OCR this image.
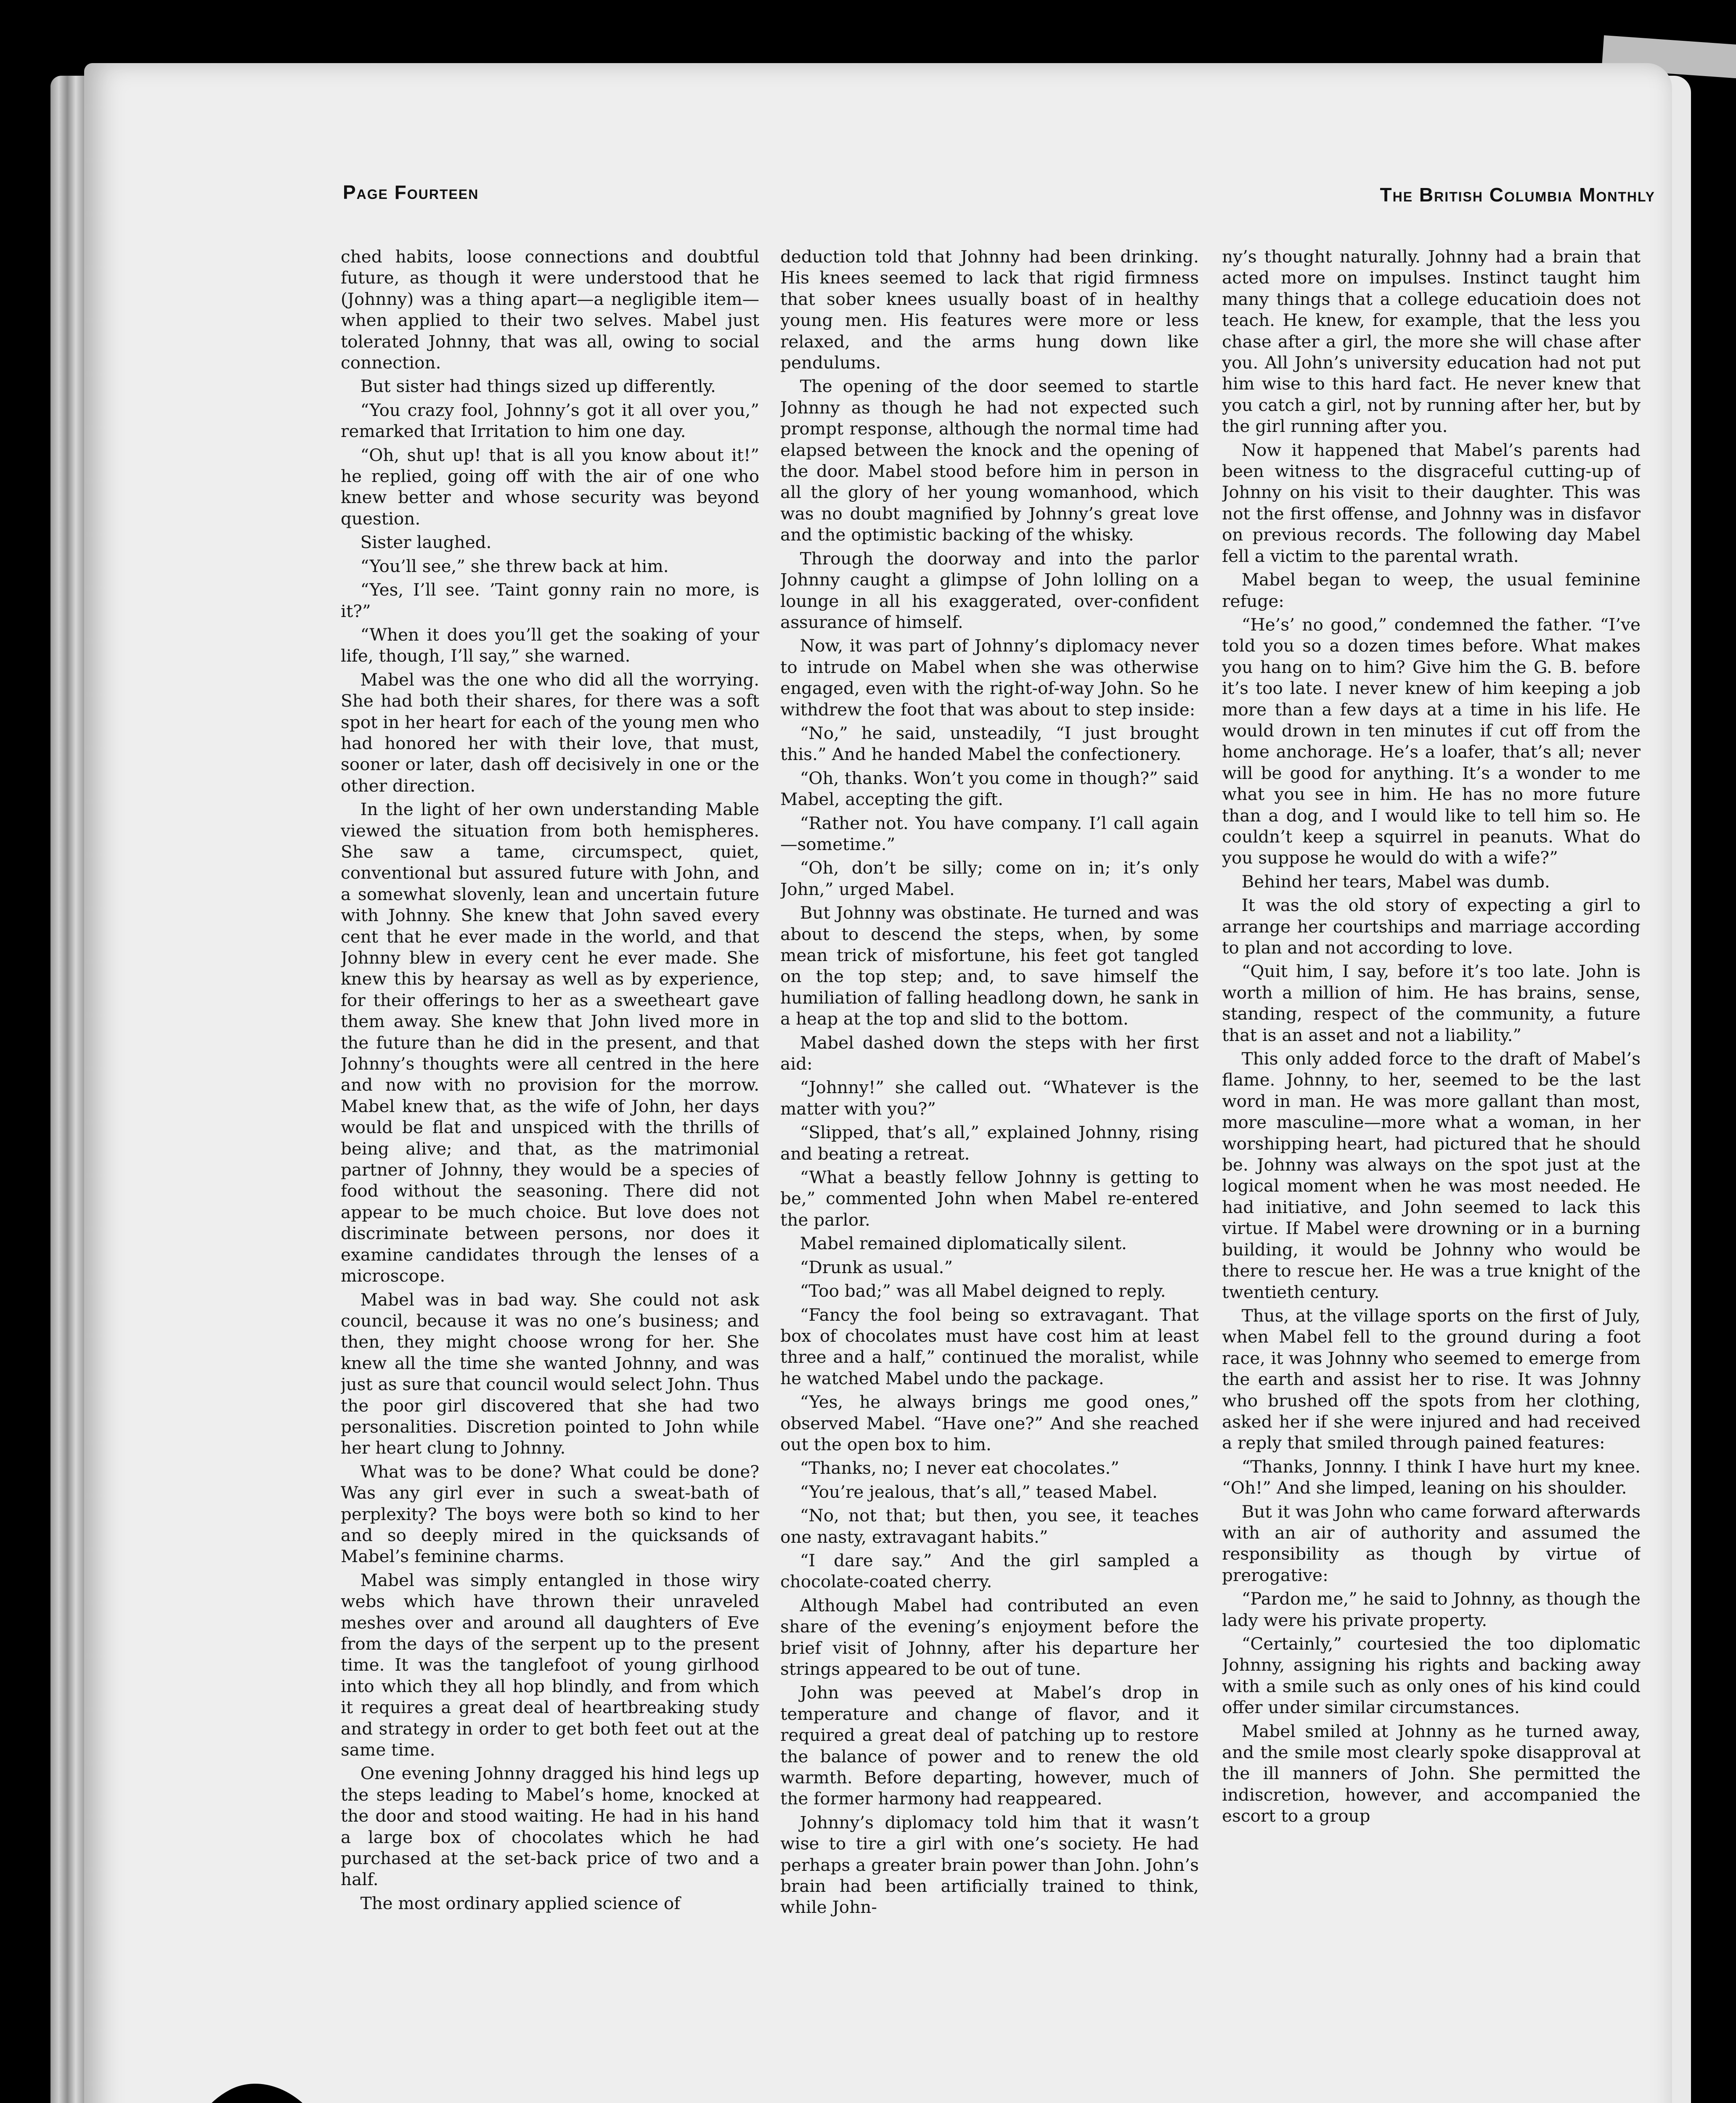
Page Fourteen	The British Columbia Monthly

ched habits, loose connections and doubtful future, as though it were understood that he (Johnny) was a thing apart—a negligible item—when applied to their two selves. Mabel just tolerated Johnny, that was all, owing to social connection.

But sister had things sized up differently.

“You crazy fool, Johnny’s got it all over you,” remarked that Irritation to him one day.

“Oh, shut up! that is all you know about it!” he replied, going off with the air of one who knew better and whose security was beyond question.

Sister laughed.

“You’ll see,” she threw back at him.

“Yes, I’ll see. ’Taint gonny rain no more, is it?”

“When it does you’ll get the soaking of your life, though, I’ll say,” she warned.

Mabel was the one who did all the worrying. She had both their shares, for there was a soft spot in her heart for each of the young men who had honored her with their love, that must, sooner or later, dash off decisively in one or the other direction.

In the light of her own understanding Mable viewed the situation from both hemispheres. She saw a tame, circumspect, quiet, conventional but assured future with John, and a somewhat slovenly, lean and uncertain future with Johnny. She knew that John saved every cent that he ever made in the world, and that Johnny blew in every cent he ever made. She knew this by hearsay as well as by experience, for their offerings to her as a sweetheart gave them away. She knew that John lived more in the future than he did in the present, and that Johnny’s thoughts were all centred in the here and now with no provision for the morrow. Mabel knew that, as the wife of John, her days would be flat and unspiced with the thrills of being alive; and that, as the matrimonial partner of Johnny, they would be a species of food without the seasoning. There did not appear to be much choice. But love does not discriminate between persons, nor does it examine candidates through the lenses of a microscope.

Mabel was in bad way. She could not ask council, because it was no one’s business; and then, they might choose wrong for her. She knew all the time she wanted Johnny, and was just as sure that council would select John. Thus the poor girl discovered that she had two personalities. Discretion pointed to John while her heart clung to Johnny.

What was to be done? What could be done? Was any girl ever in such a sweat-bath of perplexity? The boys were both so kind to her and so deeply mired in the quicksands of Mabel’s feminine charms.

Mabel was simply entangled in those wiry webs which have thrown their unraveled meshes over and around all daughters of Eve from the days of the serpent up to the present time. It was the tanglefoot of young girlhood into which they all hop blindly, and from which it requires a great deal of heartbreaking study and strategy in order to get both feet out at the same time.

One evening Johnny dragged his hind legs up the steps leading to Mabel’s home, knocked at the door and stood waiting. He had in his hand a large box of chocolates which he had purchased at the set-back price of two and a half.

The most ordinary applied science of

deduction told that Johnny had been drinking. His knees seemed to lack that rigid firmness that sober knees usually boast of in healthy young men. His features were more or less relaxed, and the arms hung down like pendulums.

The opening of the door seemed to startle Johnny as though he had not expected such prompt response, although the normal time had elapsed between the knock and the opening of the door. Mabel stood before him in person in all the glory of her young womanhood, which was no doubt magnified by Johnny’s great love and the optimistic backing of the whisky.

Through the doorway and into the parlor Johnny caught a glimpse of John lolling on a lounge in all his exaggerated, over-confident assurance of himself.

Now, it was part of Johnny’s diplomacy never to intrude on Mabel when she was otherwise engaged, even with the right-of-way John. So he withdrew the foot that was about to step inside:

“No,” he said, unsteadily, “I just brought this.” And he handed Mabel the confectionery.

“Oh, thanks. Won’t you come in though?” said Mabel, accepting the gift.

“Rather not. You have company. I’l call again—sometime.”

“Oh, don’t be silly; come on in; it’s only John,” urged Mabel.

But Johnny was obstinate. He turned and was about to descend the steps, when, by some mean trick of misfortune, his feet got tangled on the top step; and, to save himself the humiliation of falling headlong down, he sank in a heap at the top and slid to the bottom.

Mabel dashed down the steps with her first aid:

“Johnny!” she called out. “Whatever is the matter with you?”

“Slipped, that’s all,” explained Johnny, rising and beating a retreat.

“What a beastly fellow Johnny is getting to be,” commented John when Mabel re-entered the parlor.

Mabel remained diplomatically silent.

“Drunk as usual.”

“Too bad;” was all Mabel deigned to reply.

“Fancy the fool being so extravagant. That box of chocolates must have cost him at least three and a half,” continued the moralist, while he watched Mabel undo the package.

“Yes, he always brings me good ones,” observed Mabel. “Have one?” And she reached out the open box to him.

“Thanks, no; I never eat chocolates.”

“You’re jealous, that’s all,” teased Mabel.

“No, not that; but then, you see, it teaches one nasty, extravagant habits.”

“I dare say.” And the girl sampled a chocolate-coated cherry.

Although Mabel had contributed an even share of the evening’s enjoyment before the brief visit of Johnny, after his departure her strings appeared to be out of tune.

John was peeved at Mabel’s drop in temperature and change of flavor, and it required a great deal of patching up to restore the balance of power and to renew the old warmth. Before departing, however, much of the former harmony had reappeared.

Johnny’s diplomacy told him that it wasn’t wise to tire a girl with one’s society. He had perhaps a greater brain power than John. John’s brain had been artificially trained to think, while John-

ny’s thought naturally. Johnny had a brain that acted more on impulses. Instinct taught him many things that a college educatioin does not teach. He knew, for example, that the less you chase after a girl, the more she will chase after you. All John’s university education had not put him wise to this hard fact. He never knew that you catch a girl, not by running after her, but by the girl running after you.

Now it happened that Mabel’s parents had been witness to the disgraceful cutting-up of Johnny on his visit to their daughter. This was not the first offense, and Johnny was in disfavor on previous records. The following day Mabel fell a victim to the parental wrath.

Mabel began to weep, the usual feminine refuge:

“He’s’ no good,” condemned the father. “I’ve told you so a dozen times before. What makes you hang on to him? Give him the G. B. before it’s too late. I never knew of him keeping a job more than a few days at a time in his life. He would drown in ten minutes if cut off from the home anchorage. He’s a loafer, that’s all; never will be good for anything. It’s a wonder to me what you see in him. He has no more future than a dog, and I would like to tell him so. He couldn’t keep a squirrel in peanuts. What do you suppose he would do with a wife?”

Behind her tears, Mabel was dumb.

It was the old story of expecting a girl to arrange her courtships and marriage according to plan and not according to love.

“Quit him, I say, before it’s too late. John is worth a million of him. He has brains, sense, standing, respect of the community, a future that is an asset and not a liability.”

This only added force to the draft of Mabel’s flame. Johnny, to her, seemed to be the last word in man. He was more gallant than most, more masculine—more what a woman, in her worshipping heart, had pictured that he should be. Johnny was always on the spot just at the logical moment when he was most needed. He had initiative, and John seemed to lack this virtue. If Mabel were drowning or in a burning building, it would be Johnny who would be there to rescue her. He was a true knight of the twentieth century.

Thus, at the village sports on the first of July, when Mabel fell to the ground during a foot race, it was Johnny who seemed to emerge from the earth and assist her to rise. It was Johnny who brushed off the spots from her clothing, asked her if she were injured and had received a reply that smiled through pained features:

“Thanks, Jonnny. I think I have hurt my knee. “Oh!” And she limped, leaning on his shoulder.

But it was John who came forward afterwards with an air of authority and assumed the responsibility as though by virtue of prerogative:

“Pardon me,” he said to Johnny, as though the lady were his private property.

“Certainly,” courtesied the too diplomatic Johnny, assigning his rights and backing away with a smile such as only ones of his kind could offer under similar circumstances.

Mabel smiled at Johnny as he turned away, and the smile most clearly spoke disapproval at the ill manners of John. She permitted the indiscretion, however, and accompanied the escort to a group
